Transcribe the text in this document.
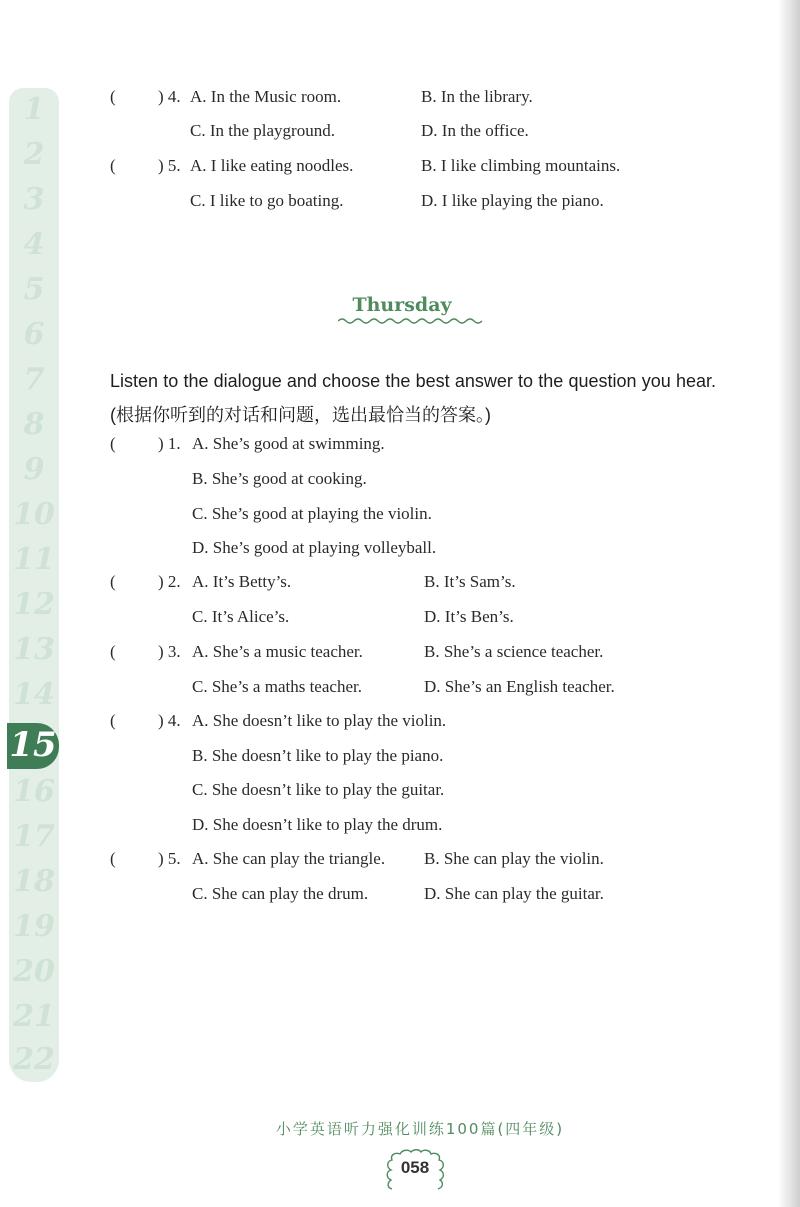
1
2
3
4
5
6
7
8
9
10
11
12
13
14
15
16
17
18
19
20
21
22
( ) 4. A. In the Music room.	B. In the library.
C. In the playground.	D. In the office.
( ) 5. A. I like eating noodles.	B. I like climbing mountains.
C. I like to go boating.	D. I like playing the piano.
Thursday
Listen to the dialogue and choose the best answer to the question you hear. (根据你听到的对话和问题，选出最恰当的答案。)
( ) 1. A. She’s good at swimming.
B. She’s good at cooking.
C. She’s good at playing the violin.
D. She’s good at playing volleyball.
( ) 2. A. It’s Betty’s.	B. It’s Sam’s.
C. It’s Alice’s.	D. It’s Ben’s.
( ) 3. A. She’s a music teacher.	B. She’s a science teacher.
C. She’s a maths teacher.	D. She’s an English teacher.
( ) 4. A. She doesn’t like to play the violin.
B. She doesn’t like to play the piano.
C. She doesn’t like to play the guitar.
D. She doesn’t like to play the drum.
( ) 5. A. She can play the triangle. B. She can play the violin.
C. She can play the drum.	D. She can play the guitar.
小学英语听力强化训练100篇(四年级)
058
